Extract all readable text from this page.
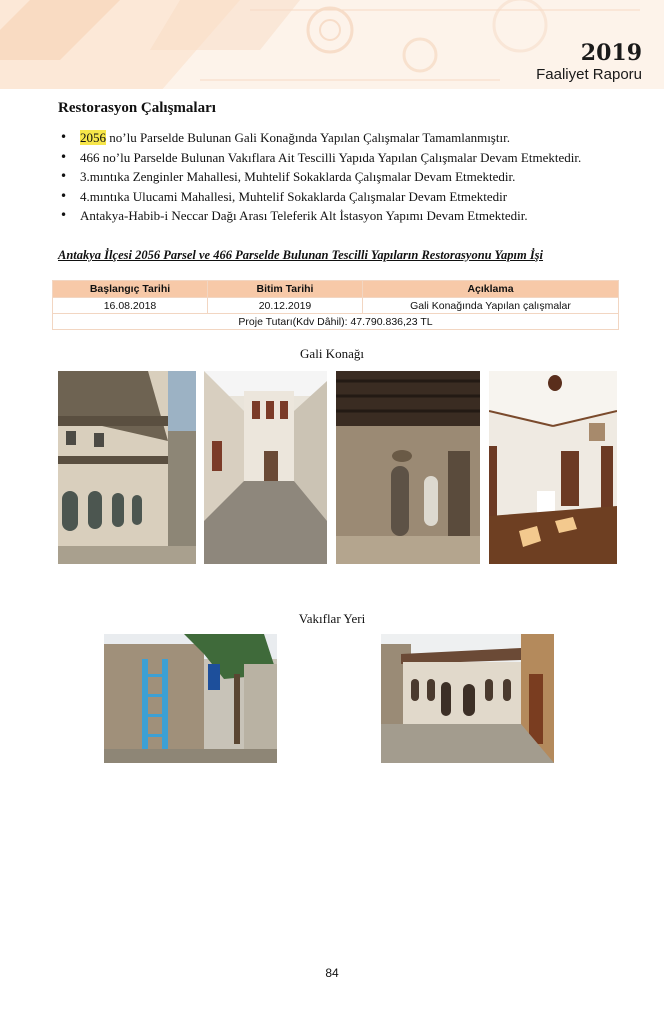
2019
Faaliyet Raporu
Restorasyon Çalışmaları
• 2056 no’lu Parselde Bulunan Gali Konağında Yapılan Çalışmalar Tamamlanmıştır.
• 466 no’lu Parselde Bulunan Vakıflara Ait Tescilli Yapıda Yapılan Çalışmalar Devam Etmektedir.
• 3.mıntıka Zenginler Mahallesi, Muhtelif Sokaklarda Çalışmalar Devam Etmektedir.
• 4.mıntıka Ulucami Mahallesi, Muhtelif Sokaklarda Çalışmalar Devam Etmektedir
• Antakya-Habib-i Neccar Dağı Arası Teleferik Alt İstasyon Yapımı Devam Etmektedir.
Antakya İlçesi 2056 Parsel ve 466 Parselde Bulunan Tescilli Yapıların Restorasyonu Yapım İşi
Başlangıç Tarihi	Bitim Tarihi	Açıklama
16.08.2018	20.12.2019	Gali Konağında Yapılan çalışmalar
Proje Tutarı(Kdv Dâhil): 47.790.836,23 TL		
Gali Konağı
Vakıflar Yeri
84
